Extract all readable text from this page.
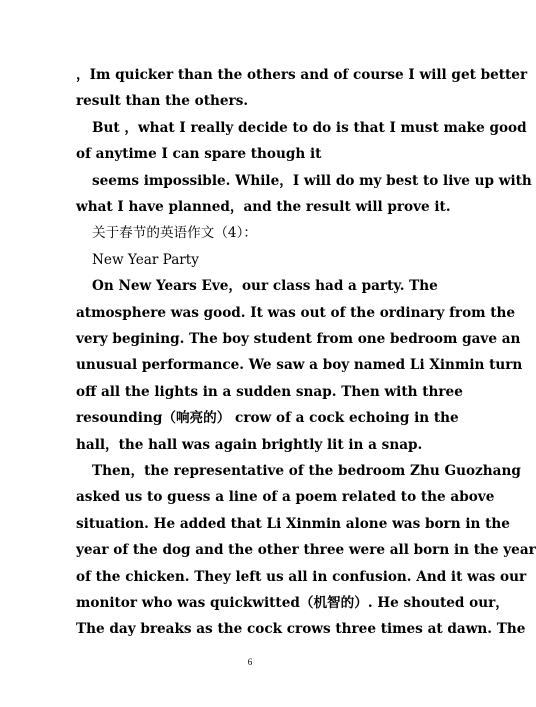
，Im quicker than the others and of course I will get better
result than the others.
But ，what I really decide to do is that I must make good
of anytime I can spare though it
seems impossible. While，I will do my best to live up with
what I have planned，and the result will prove it.
关于春节的英语作文（4）：
New Year Party
On New Years Eve，our class had a party. The
atmosphere was good. It was out of the ordinary from the
very begining. The boy student from one bedroom gave an
unusual performance. We saw a boy named Li Xinmin turn
off all the lights in a sudden snap. Then with three
resounding（响亮的） crow of a cock echoing in the
hall，the hall was again brightly lit in a snap.
Then，the representative of the bedroom Zhu Guozhang
asked us to guess a line of a poem related to the above
situation. He added that Li Xinmin alone was born in the
year of the dog and the other three were all born in the year
of the chicken. They left us all in confusion. And it was our
monitor who was quickwitted（机智的）. He shouted our，
The day breaks as the cock crows three times at dawn. The
6
